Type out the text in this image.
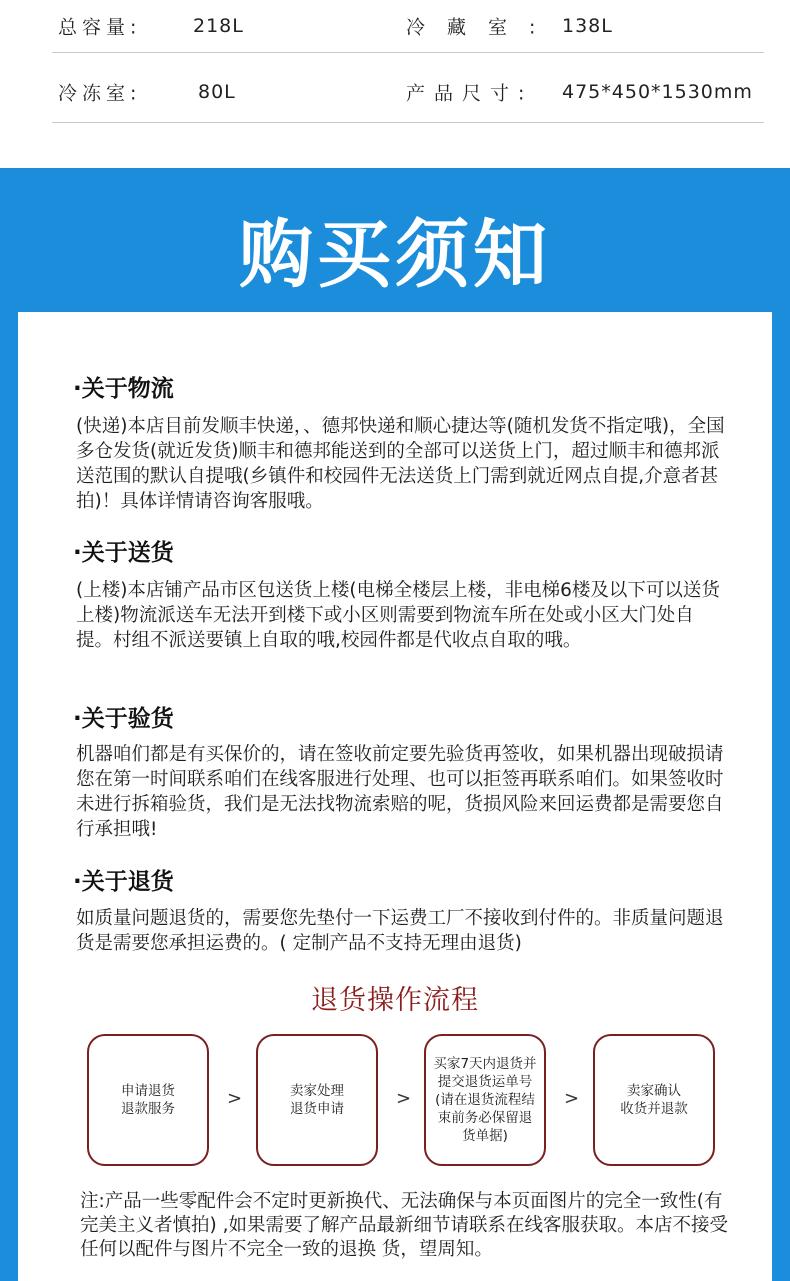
总容量:	218L	冷藏室: 138L
冷冻室:	80L	产品尺寸: 475*450*1530mm
购买须知
·关于物流
(快递)本店目前发顺丰快递，、德邦快递和顺心捷达等(随机发货不指定哦)，全国多仓发货(就近发货)顺丰和德邦能送到的全部可以送货上门，超过顺丰和德邦派送范围的默认自提哦(乡镇件和校园件无法送货上门需到就近网点自提,介意者甚拍)！具体详情请咨询客服哦。
·关于送货
(上楼)本店铺产品市区包送货上楼(电梯全楼层上楼，非电梯6楼及以下可以送货上楼)物流派送车无法开到楼下或小区则需要到物流车所在处或小区大门处自提。村组不派送要镇上自取的哦,校园件都是代收点自取的哦。
·关于验货
机器咱们都是有买保价的，请在签收前定要先验货再签收，如果机器出现破损请您在第一时间联系咱们在线客服进行处理、也可以拒签再联系咱们。如果签收时未进行拆箱验货，我们是无法找物流索赔的呢，货损风险来回运费都是需要您自行承担哦!
·关于退货
如质量问题退货的，需要您先垫付一下运费工厂不接收到付件的。非质量问题退货是需要您承担运费的。( 定制产品不支持无理由退货)
退货操作流程
申请退货
退款服务	>	卖家处理
退货申请	>
买家7天内退货并提交退货运单号(请在退货流程结束前务必保留退货单据)
>	卖家确认
收货并退款
注:产品一些零配件会不定时更新换代、无法确保与本页面图片的完全一致性(有 完美主义者慎拍) ,如果需要了解产品最新细节请联系在线客服获取。本店不接受任何以配件与图片不完全一致的退换 货，望周知。
